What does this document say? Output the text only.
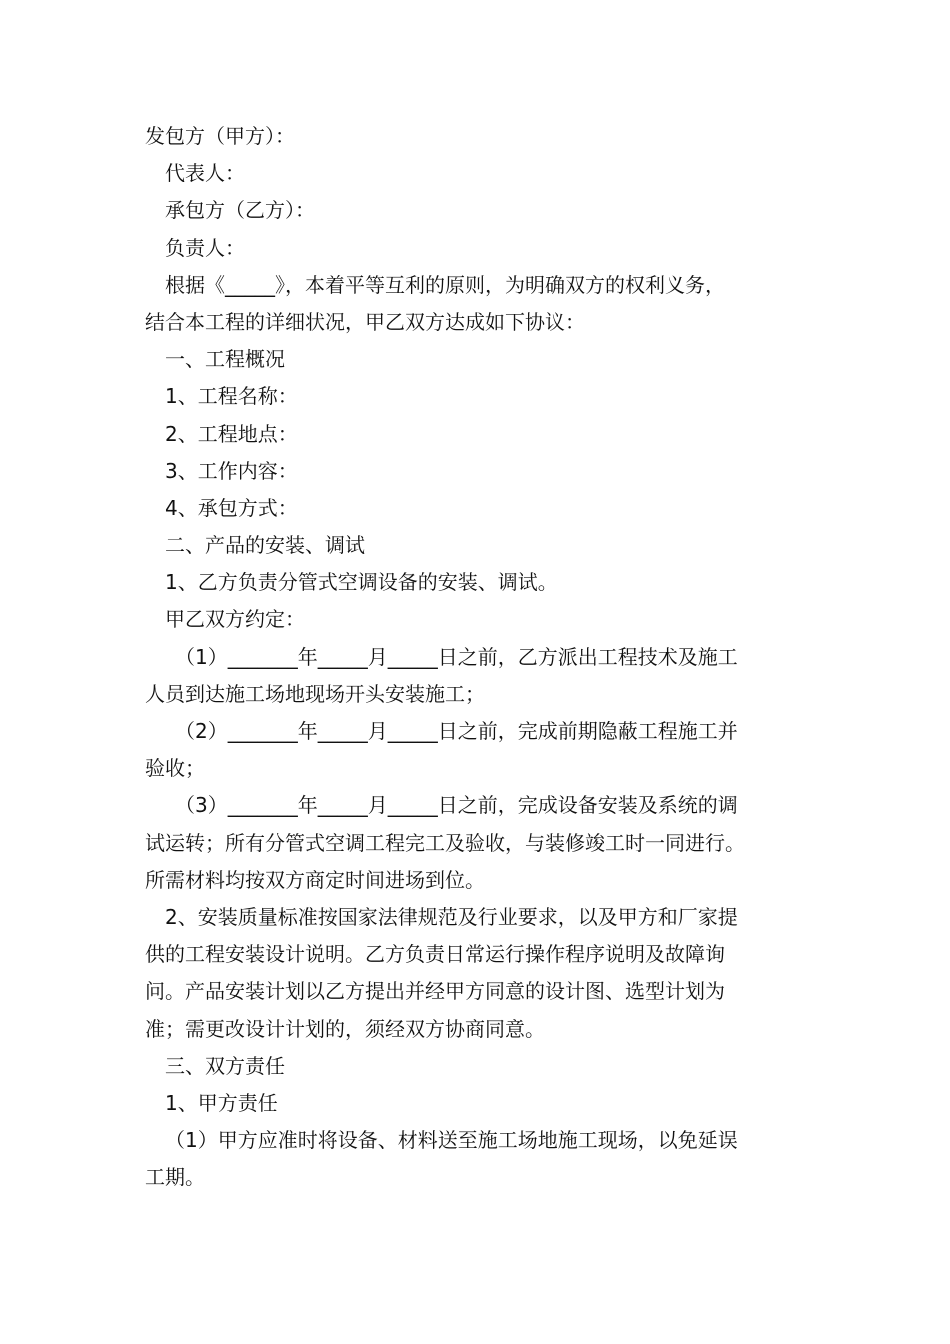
发包方（甲方）：
代表人：
承包方（乙方）：
负责人：
根据《_____》，本着平等互利的原则，为明确双方的权利义务，
结合本工程的详细状况，甲乙双方达成如下协议：
一、工程概况
1、工程名称：
2、工程地点：
3、工作内容：
4、承包方式：
二、产品的安装、调试
1、乙方负责分管式空调设备的安装、调试。
甲乙双方约定：
（1）_______年_____月_____日之前，乙方派出工程技术及施工
人员到达施工场地现场开头安装施工；
（2）_______年_____月_____日之前，完成前期隐蔽工程施工并
验收；
（3）_______年_____月_____日之前，完成设备安装及系统的调
试运转；所有分管式空调工程完工及验收，与装修竣工时一同进行。
所需材料均按双方商定时间进场到位。
2、安装质量标准按国家法律规范及行业要求，以及甲方和厂家提
供的工程安装设计说明。乙方负责日常运行操作程序说明及故障询
问。产品安装计划以乙方提出并经甲方同意的设计图、选型计划为
准；需更改设计计划的，须经双方协商同意。
三、双方责任
1、甲方责任
（1）甲方应准时将设备、材料送至施工场地施工现场，以免延误
工期。
